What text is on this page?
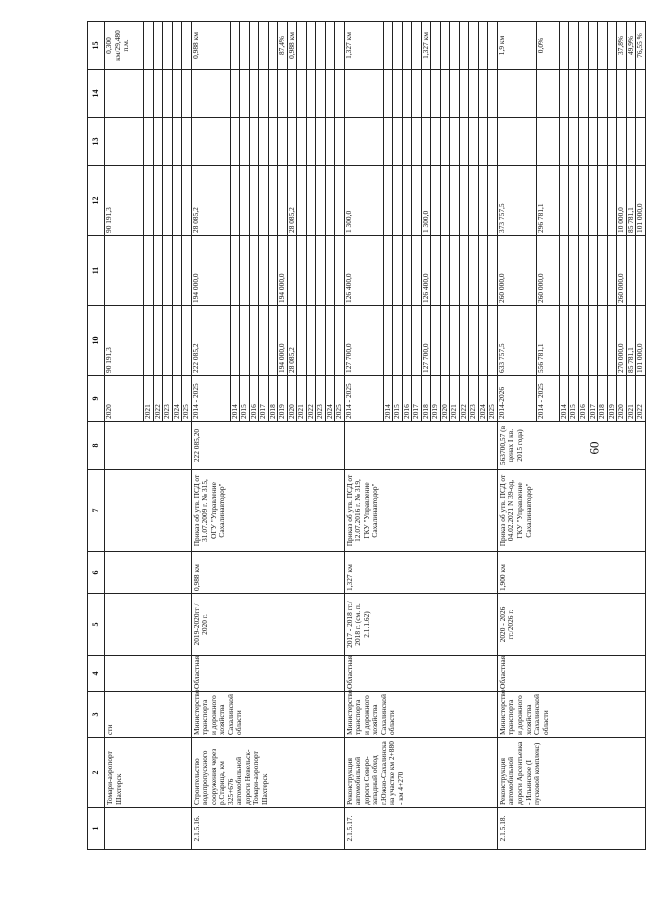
60
1	2	3	4	5	6	7	8	9	10	11	12	13	14	15
	Томари-аэропорт Шахтерск	сти						2020	90 191,3		90 191,3			0,300 км/29,480 п.м.
								2021						
								2022						
								2023						
								2024						
								2025						
2.1.5.16.	Строительство водопропускного сооружения через р.Старица, км 325+676 автомобильной дороги Невельск-Томари-аэропорт Шахтерск	Министерство транспорта и дорожного хозяйства Сахалинской области	Областная	2019-2020гг / 2020 г.	0,988 км	Приказ об утв. ПСД от 31.07.2009 г. № 315, ОГУ "Управление Сахалинавтодор"	222 085,20	2014 - 2025	222 085,2	194 000,0	28 085,2			0,988 км
								2014						
								2015						
								2016						
								2017						
								2018						
								2019	194 000,0	194 000,0				87,4%
								2020	28 085,2		28 085,2			0,988 км
								2021						
								2022						
								2023						
								2024						
								2025						
2.1.5.17.	Реконструкция автомобильной дороги Северо-западный обход г.Южно-Сахалинска на участке км 2+880 - км 4+270	Министерство транспорта и дорожного хозяйства Сахалинской области	Областная	2017 - 2018 гг./ 2018 г. (см. п. 2.1.1.62)	1,327 км	Приказ об утв. ПСД от 12.07.2016 г. № 319, ГКУ "Управление Сахалинавтодор"		2014 - 2025	127 700,0	126 400,0	1 300,0			1,327 км
								2014						
								2015						
								2016						
								2017						
								2018	127 700,0	126 400,0	1 300,0			1,327 км
								2019						
								2020						
								2021						
								2022						
								2023						
								2024						
								2025						
2.1.5.18.	Реконструкция автомобильной дороги Арсентьевка - Ильинское (I пусковой комплекс)	Министерство транспорта и дорожного хозяйства Сахалинской области	Областная	2020 - 2026 гг./2026 г.	1,900 км	Приказ об утв. ПСД от 04.02.2021 N 39-од, ГКУ "Управление Сахалинавтодор"	563700,57 (в ценах I кв. 2015 года)	2014-2026	633 757,5	260 000,0	373 757,5			1,9 км
								2014 - 2025	556 781,1	260 000,0	296 781,1			0,0%
								2014						
								2015						
								2016						
								2017						
								2018						
								2019						
								2020	270 000,0	260 000,0	10 000,0			37,8%
								2021	85 781,1		85 781,1			49,9%
								2022	101 000,0		101 000,0			76,55 %
